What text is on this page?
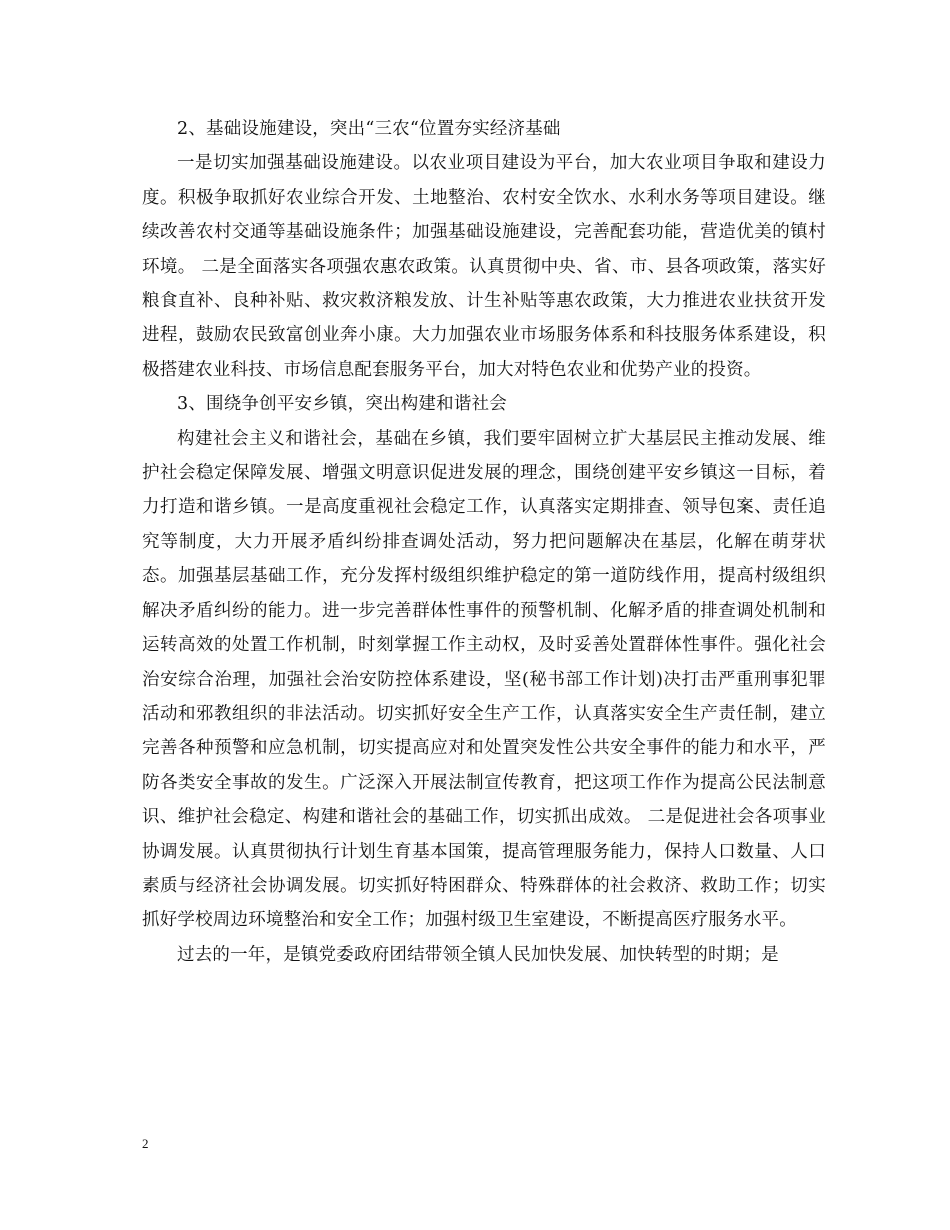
2、基础设施建设，突出“三农“位置夯实经济基础

一是切实加强基础设施建设。以农业项目建设为平台，加大农业项目争取和建设力度。积极争取抓好农业综合开发、土地整治、农村安全饮水、水利水务等项目建设。继续改善农村交通等基础设施条件；加强基础设施建设，完善配套功能，营造优美的镇村环境。 二是全面落实各项强农惠农政策。认真贯彻中央、省、市、县各项政策，落实好粮食直补、良种补贴、救灾救济粮发放、计生补贴等惠农政策，大力推进农业扶贫开发进程，鼓励农民致富创业奔小康。大力加强农业市场服务体系和科技服务体系建设，积极搭建农业科技、市场信息配套服务平台，加大对特色农业和优势产业的投资。

3、围绕争创平安乡镇，突出构建和谐社会

构建社会主义和谐社会，基础在乡镇，我们要牢固树立扩大基层民主推动发展、维护社会稳定保障发展、增强文明意识促进发展的理念，围绕创建平安乡镇这一目标，着力打造和谐乡镇。一是高度重视社会稳定工作，认真落实定期排查、领导包案、责任追究等制度，大力开展矛盾纠纷排查调处活动，努力把问题解决在基层，化解在萌芽状态。加强基层基础工作，充分发挥村级组织维护稳定的第一道防线作用，提高村级组织解决矛盾纠纷的能力。进一步完善群体性事件的预警机制、化解矛盾的排查调处机制和运转高效的处置工作机制，时刻掌握工作主动权，及时妥善处置群体性事件。强化社会治安综合治理，加强社会治安防控体系建设，坚(秘书部工作计划)决打击严重刑事犯罪活动和邪教组织的非法活动。切实抓好安全生产工作，认真落实安全生产责任制，建立完善各种预警和应急机制，切实提高应对和处置突发性公共安全事件的能力和水平，严防各类安全事故的发生。广泛深入开展法制宣传教育，把这项工作作为提高公民法制意识、维护社会稳定、构建和谐社会的基础工作，切实抓出成效。 二是促进社会各项事业协调发展。认真贯彻执行计划生育基本国策，提高管理服务能力，保持人口数量、人口素质与经济社会协调发展。切实抓好特困群众、特殊群体的社会救济、救助工作；切实抓好学校周边环境整治和安全工作；加强村级卫生室建设，不断提高医疗服务水平。

过去的一年，是镇党委政府团结带领全镇人民加快发展、加快转型的时期；是

2
